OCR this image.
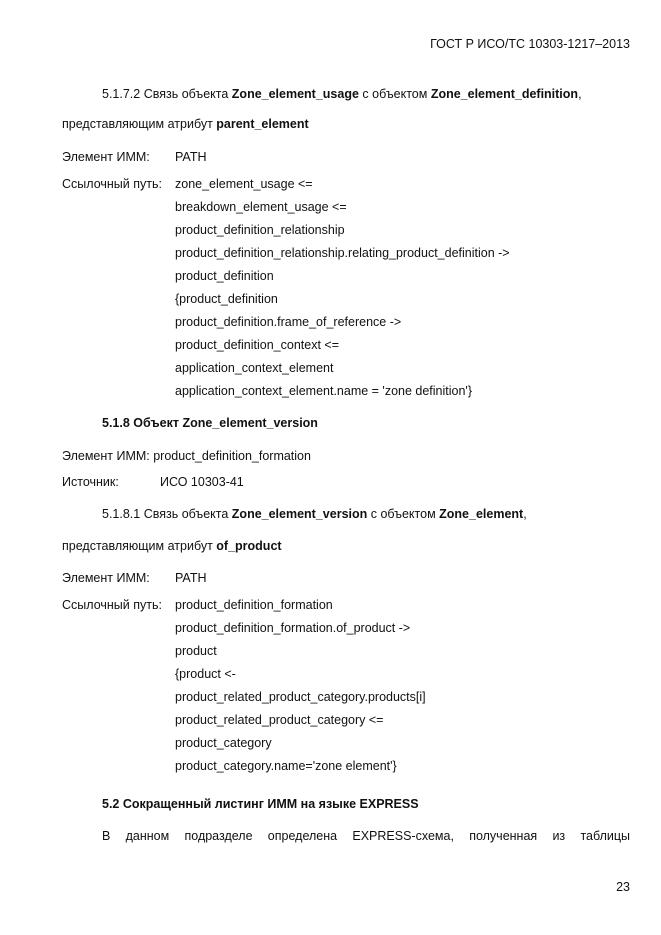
ГОСТ Р ИСО/ТС 10303-1217–2013
5.1.7.2 Связь объекта Zone_element_usage с объектом Zone_element_definition,
представляющим атрибут parent_element
Элемент ИММ: PATH
Ссылочный путь: zone_element_usage <=
breakdown_element_usage <=
product_definition_relationship
product_definition_relationship.relating_product_definition ->
product_definition
{product_definition
product_definition.frame_of_reference ->
product_definition_context <=
application_context_element
application_context_element.name = 'zone definition'}
5.1.8 Объект Zone_element_version
Элемент ИММ: product_definition_formation
Источник:	ИСО 10303-41
5.1.8.1 Связь объекта Zone_element_version с объектом Zone_element,
представляющим атрибут of_product
Элемент ИММ: PATH
Ссылочный путь: product_definition_formation
product_definition_formation.of_product ->
product
{product <-
product_related_product_category.products[i]
product_related_product_category <=
product_category
product_category.name='zone element'}
5.2 Сокращенный листинг ИММ на языке EXPRESS
В данном подразделе определена EXPRESS-схема, полученная из таблицы
23
